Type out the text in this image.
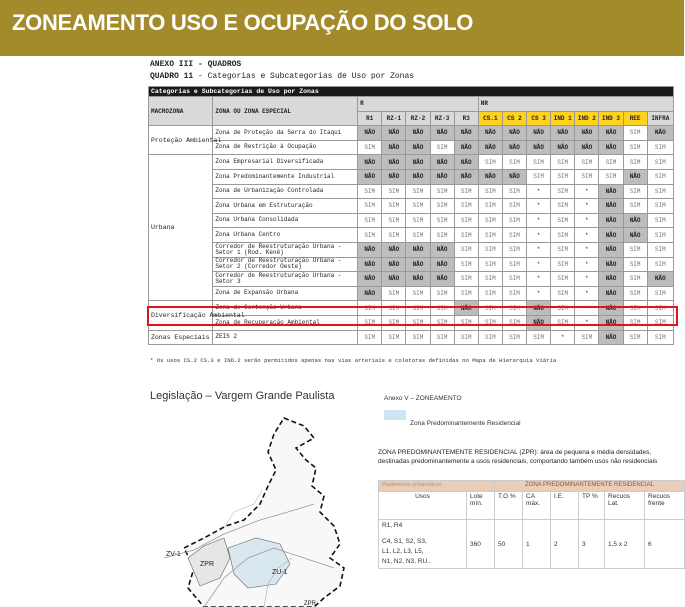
ZONEAMENTO USO E OCUPAÇÃO DO SOLO
ANEXO III - QUADROS
QUADRO 11 - Categorias e Subcategorias de Uso por Zonas
Categorias e Subcategorias de Uso por Zonas														
MACROZONA	ZONA OU ZONA ESPECIAL	R					NR							
		R1	RZ-1	RZ-2	RZ-3	R3	CS.1	CS 2	CS 3	IND 1	IND 2	IND 3	REE	INFRA
Proteção Ambiental	Zona de Proteção da Serra do Itaqui	NÃO	NÃO	NÃO	NÃO	NÃO	NÃO	NÃO	NÃO	NÃO	NÃO	NÃO	SIM	NÃO
	Zona de Restrição à Ocupação	SIM	NÃO	NÃO	SIM	NÃO	NÃO	NÃO	NÃO	NÃO	NÃO	NÃO	SIM	SIM
Urbana	Zona Empresarial Diversificada	NÃO	NÃO	NÃO	NÃO	NÃO	SIM	SIM	SIM	SIM	SIM	SIM	SIM	SIM
	Zona Predominantemente Industrial	NÃO	NÃO	NÃO	NÃO	NÃO	NÃO	NÃO	SIM	SIM	SIM	SIM	NÃO	SIM
	Zona de Urbanização Controlada	SIM	SIM	SIM	SIM	SIM	SIM	SIM	*	SIM	*	NÃO	SIM	SIM
	Zona Urbana em Estruturação	SIM	SIM	SIM	SIM	SIM	SIM	SIM	*	SIM	*	NÃO	SIM	SIM
	Zona Urbana Consolidada	SIM	SIM	SIM	SIM	SIM	SIM	SIM	*	SIM	*	NÃO	NÃO	SIM
	Zona Urbana Centro	SIM	SIM	SIM	SIM	SIM	SIM	SIM	*	SIM	*	NÃO	NÃO	SIM
	Corredor de Reestruturação Urbana - Setor 1 (Rod. Kenê)	NÃO	NÃO	NÃO	NÃO	SIM	SIM	SIM	*	SIM	*	NÃO	SIM	SIM
	Corredor de Reestruturação Urbana - Setor 2 (Corredor Oeste)	NÃO	NÃO	NÃO	NÃO	SIM	SIM	SIM	*	SIM	*	NÃO	SIM	SIM
	Corredor de Reestruturação Urbana - Setor 3	NÃO	NÃO	NÃO	NÃO	SIM	SIM	SIM	*	SIM	*	NÃO	SIM	NÃO
	Zona de Expansão Urbana	NÃO	SIM	SIM	SIM	SIM	SIM	SIM	*	SIM	*	NÃO	SIM	SIM
Diversificação Ambiental	Zona de Contenção Urbana	SIM	SIM	SIM	SIM	NÃO	SIM	SIM	NÃO	SIM	*	NÃO	SIM	SIM
	Zona de Recuperação Ambiental	SIM	SIM	SIM	SIM	SIM	SIM	SIM	NÃO	SIM	*	NÃO	SIM	SIM
Zonas Especiais	ZEIS 2	SIM	SIM	SIM	SIM	SIM	SIM	SIM	SIM	*	SIM	NÃO	SIM	SIM
* Os usos CS.2 CS.3 e IND.2 serão permitidos apenas nas vias arteriais e coletoras definidas no Mapa de Hierarquia Viária
Legislação – Vargem Grande Paulista
ZV-1
ZPR
ZU-1
ZPR
Anexo V – ZONEAMENTO
Zona Predominantemente Residencial
ZONA PREDOMINANTEMENTE RESIDENCIAL (ZPR): área de pequena e média densidades, destinadas predominantemente a usos residenciais, comportando também usos não residenciais
Parâmetros urbanísticos		ZONA PREDOMINANTEMENTE RESIDENCIAL					
Usos	Lote mín.	T.O %	CA máx.	I.E.	TP %	Recuos Lat.	Recuos frente

R1, R4
C4, S1, S2, S3,
L1, L2, L3, L5,
N1, N2, N3, RU..	360	50	1	2	3	1,5 x 2	6
